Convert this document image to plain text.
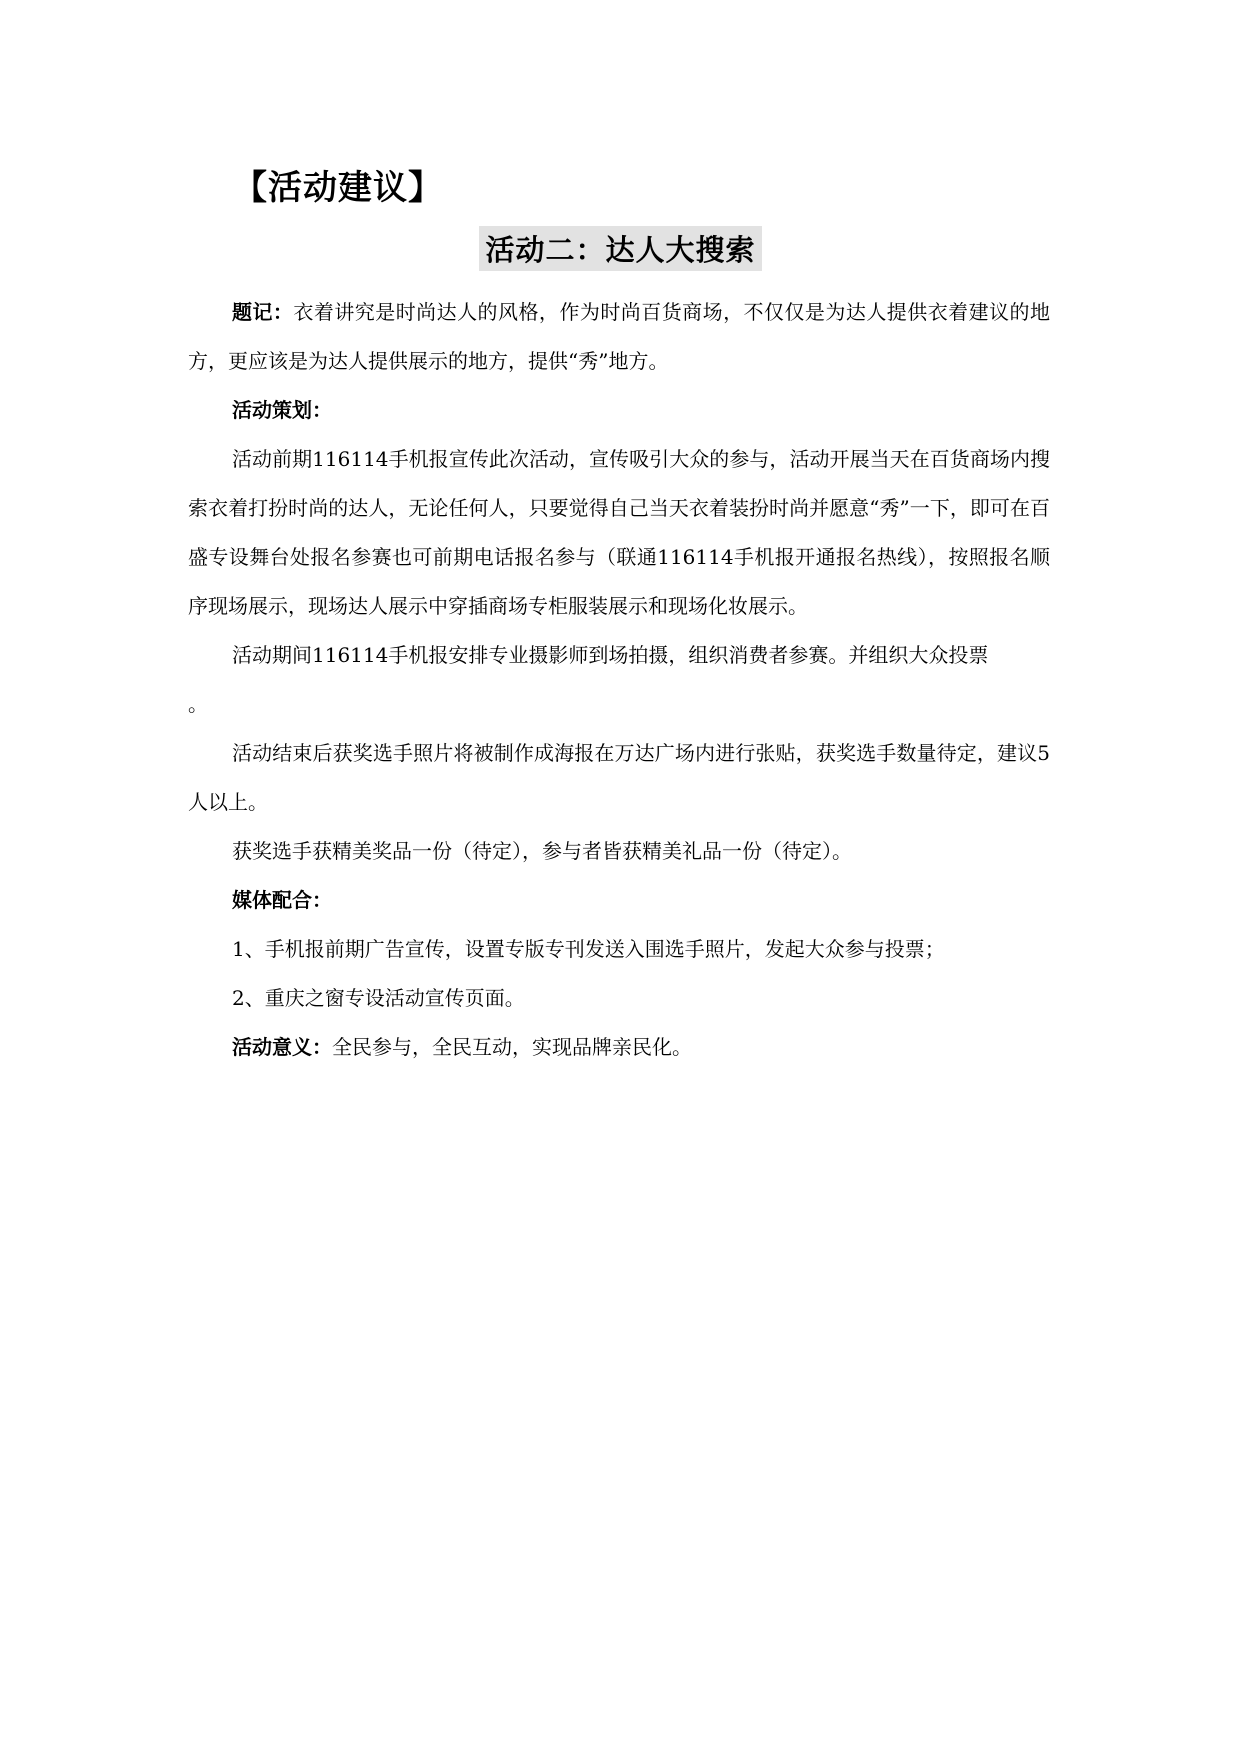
【活动建议】
活动二：达人大搜索

题记：衣着讲究是时尚达人的风格，作为时尚百货商场，不仅仅是为达人提供衣着建议的地方，更应该是为达人提供展示的地方，提供“秀”地方。

活动策划：

活动前期116114手机报宣传此次活动，宣传吸引大众的参与，活动开展当天在百货商场内搜索衣着打扮时尚的达人，无论任何人，只要觉得自己当天衣着装扮时尚并愿意“秀”一下，即可在百盛专设舞台处报名参赛也可前期电话报名参与（联通116114手机报开通报名热线），按照报名顺序现场展示，现场达人展示中穿插商场专柜服装展示和现场化妆展示。

活动期间116114手机报安排专业摄影师到场拍摄，组织消费者参赛。并组织大众投票

。

活动结束后获奖选手照片将被制作成海报在万达广场内进行张贴，获奖选手数量待定，建议5人以上。

获奖选手获精美奖品一份（待定），参与者皆获精美礼品一份（待定）。

媒体配合：

1、手机报前期广告宣传，设置专版专刊发送入围选手照片，发起大众参与投票；

2、重庆之窗专设活动宣传页面。

活动意义：全民参与，全民互动，实现品牌亲民化。
